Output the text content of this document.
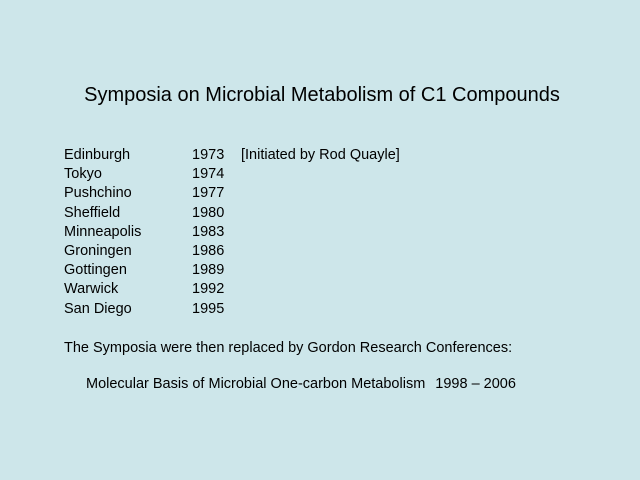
Symposia on Microbial Metabolism of C1 Compounds
Edinburgh	1973 [Initiated by Rod Quayle]
Tokyo	1974
Pushchino	1977
Sheffield	1980
Minneapolis	1983
Groningen	1986
Gottingen	1989
Warwick	1992
San Diego	1995
The Symposia were then replaced by Gordon Research Conferences:
Molecular Basis of Microbial One-carbon Metabolism 1998 – 2006
